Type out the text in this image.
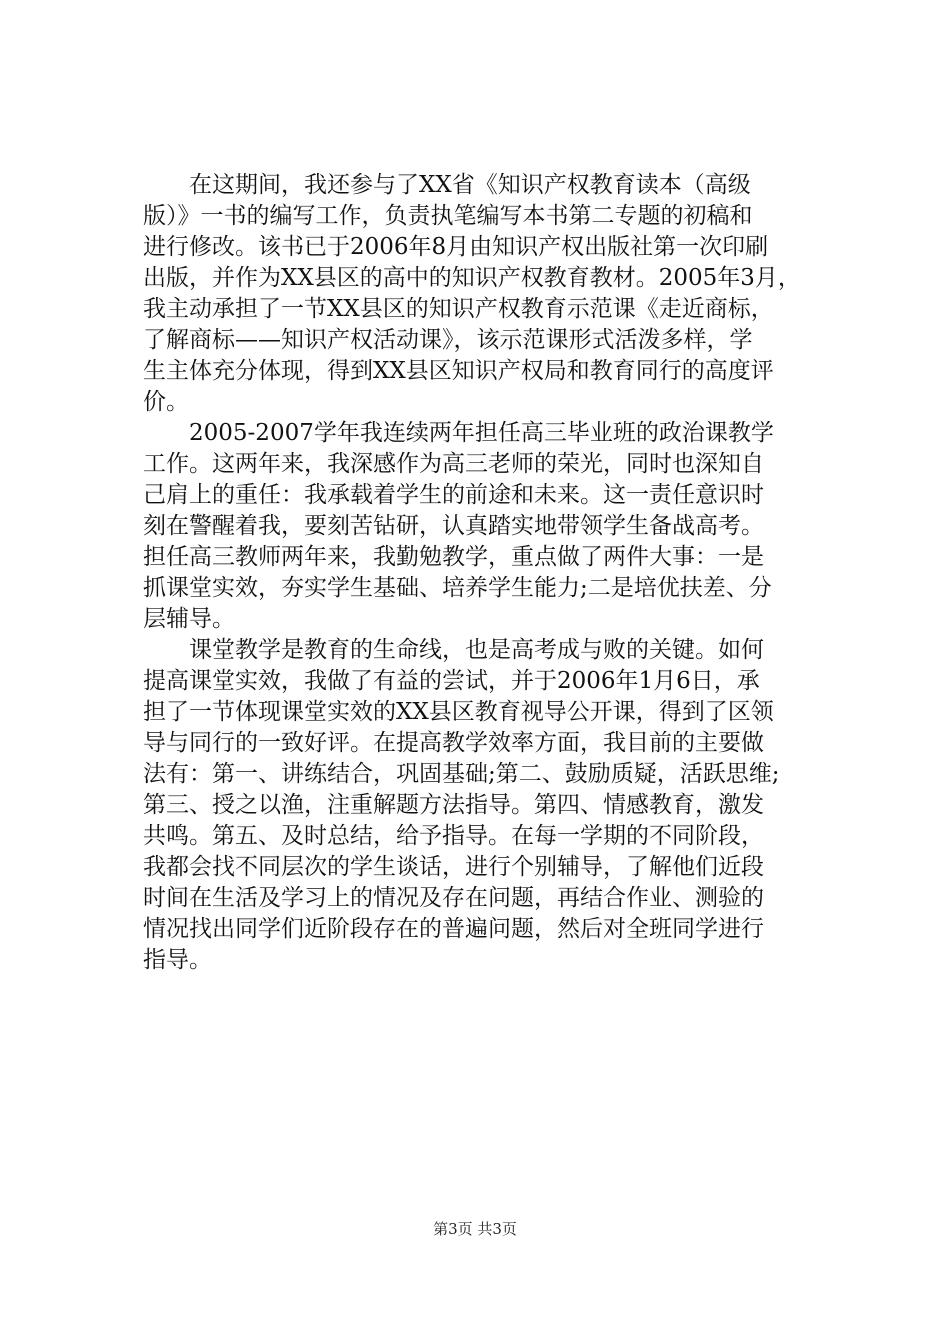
　　在这期间，我还参与了XX省《知识产权教育读本（高级
版）》一书的编写工作，负责执笔编写本书第二专题的初稿和
进行修改。该书已于2006年8月由知识产权出版社第一次印刷
出版，并作为XX县区的高中的知识产权教育教材。2005年3月，
我主动承担了一节XX县区的知识产权教育示范课《走近商标，
了解商标——知识产权活动课》，该示范课形式活泼多样，学
生主体充分体现，得到XX县区知识产权局和教育同行的高度评
价。
　　2005-2007学年我连续两年担任高三毕业班的政治课教学
工作。这两年来，我深感作为高三老师的荣光，同时也深知自
己肩上的重任：我承载着学生的前途和未来。这一责任意识时
刻在警醒着我，要刻苦钻研，认真踏实地带领学生备战高考。
担任高三教师两年来，我勤勉教学，重点做了两件大事：一是
抓课堂实效，夯实学生基础、培养学生能力;二是培优扶差、分
层辅导。
　　课堂教学是教育的生命线，也是高考成与败的关键。如何
提高课堂实效，我做了有益的尝试，并于2006年1月6日，承
担了一节体现课堂实效的XX县区教育视导公开课，得到了区领
导与同行的一致好评。在提高教学效率方面，我目前的主要做
法有：第一、讲练结合，巩固基础;第二、鼓励质疑，活跃思维;
第三、授之以渔，注重解题方法指导。第四、情感教育，激发
共鸣。第五、及时总结，给予指导。在每一学期的不同阶段，
我都会找不同层次的学生谈话，进行个别辅导，了解他们近段
时间在生活及学习上的情况及存在问题，再结合作业、测验的
情况找出同学们近阶段存在的普遍问题，然后对全班同学进行
指导。
第3页 共3页
